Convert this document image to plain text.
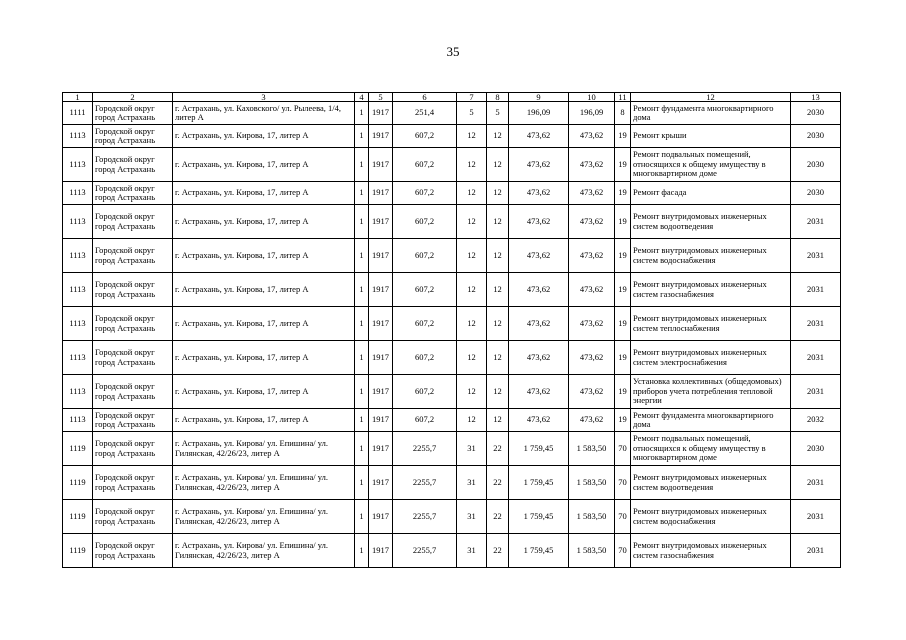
35
1	2	3	4	5	6	7	8	9	10	11	12	13
1111	Городской округ город Астрахань	г. Астрахань, ул. Каховского/ ул. Рылеева, 1/4, литер А	1	1917	251,4	5	5	196,09	196,09	8	Ремонт фундамента многоквартирного дома	2030
1113	Городской округ город Астрахань	г. Астрахань, ул. Кирова, 17, литер А	1	1917	607,2	12	12	473,62	473,62	19	Ремонт крыши	2030
1113	Городской округ город Астрахань	г. Астрахань, ул. Кирова, 17, литер А	1	1917	607,2	12	12	473,62	473,62	19	Ремонт подвальных помещений, относящихся к общему имуществу в многоквартирном доме	2030
1113	Городской округ город Астрахань	г. Астрахань, ул. Кирова, 17, литер А	1	1917	607,2	12	12	473,62	473,62	19	Ремонт фасада	2030
1113	Городской округ город Астрахань	г. Астрахань, ул. Кирова, 17, литер А	1	1917	607,2	12	12	473,62	473,62	19	Ремонт внутридомовых инженерных систем водоотведения	2031
1113	Городской округ город Астрахань	г. Астрахань, ул. Кирова, 17, литер А	1	1917	607,2	12	12	473,62	473,62	19	Ремонт внутридомовых инженерных систем водоснабжения	2031
1113	Городской округ город Астрахань	г. Астрахань, ул. Кирова, 17, литер А	1	1917	607,2	12	12	473,62	473,62	19	Ремонт внутридомовых инженерных систем газоснабжения	2031
1113	Городской округ город Астрахань	г. Астрахань, ул. Кирова, 17, литер А	1	1917	607,2	12	12	473,62	473,62	19	Ремонт внутридомовых инженерных систем теплоснабжения	2031
1113	Городской округ город Астрахань	г. Астрахань, ул. Кирова, 17, литер А	1	1917	607,2	12	12	473,62	473,62	19	Ремонт внутридомовых инженерных систем электроснабжения	2031
1113	Городской округ город Астрахань	г. Астрахань, ул. Кирова, 17, литер А	1	1917	607,2	12	12	473,62	473,62	19	Установка коллективных (общедомовых) приборов учета потребления тепловой энергии	2031
1113	Городской округ город Астрахань	г. Астрахань, ул. Кирова, 17, литер А	1	1917	607,2	12	12	473,62	473,62	19	Ремонт фундамента многоквартирного дома	2032
1119	Городской округ город Астрахань	г. Астрахань, ул. Кирова/ ул. Епишина/ ул. Гилянская, 42/26/23, литер А	1	1917	2255,7	31	22	1 759,45	1 583,50	70	Ремонт подвальных помещений, относящихся к общему имуществу в многоквартирном доме	2030
1119	Городской округ город Астрахань	г. Астрахань, ул. Кирова/ ул. Епишина/ ул. Гилянская, 42/26/23, литер А	1	1917	2255,7	31	22	1 759,45	1 583,50	70	Ремонт внутридомовых инженерных систем водоотведения	2031
1119	Городской округ город Астрахань	г. Астрахань, ул. Кирова/ ул. Епишина/ ул. Гилянская, 42/26/23, литер А	1	1917	2255,7	31	22	1 759,45	1 583,50	70	Ремонт внутридомовых инженерных систем водоснабжения	2031
1119	Городской округ город Астрахань	г. Астрахань, ул. Кирова/ ул. Епишина/ ул. Гилянская, 42/26/23, литер А	1	1917	2255,7	31	22	1 759,45	1 583,50	70	Ремонт внутридомовых инженерных систем газоснабжения	2031
